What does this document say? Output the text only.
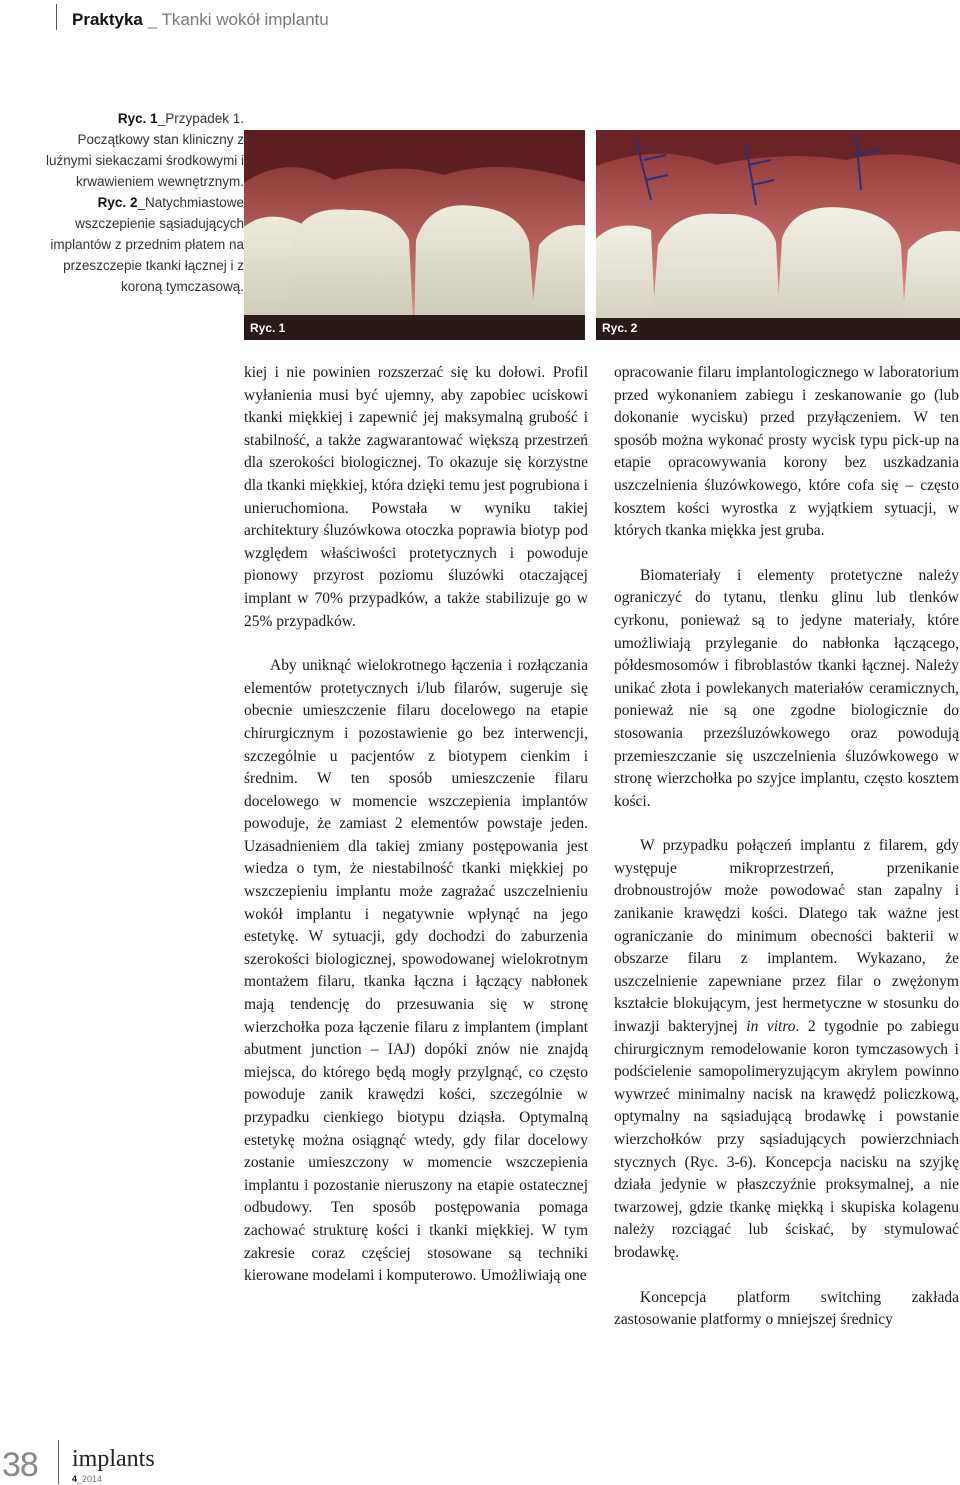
Praktyka _ Tkanki wokół implantu

Ryc. 1_Przypadek 1. Początkowy stan kliniczny z luźnymi siekaczami środkowymi i krwawieniem wewnętrznym.

Ryc. 2_Natychmiastowe wszczepienie sąsiadujących implantów z przednim płatem na przeszczepie tkanki łącznej i z koroną tymczasową.

Ryc. 1	Ryc. 2

kiej i nie powinien rozszerzać się ku dołowi. Profil wyłanienia musi być ujemny, aby zapobiec uciskowi tkanki miękkiej i zapewnić jej maksymalną grubość i stabilność, a także zagwarantować większą przestrzeń dla szerokości biologicznej. To okazuje się korzystne dla tkanki miękkiej, która dzięki temu jest pogrubiona i unieruchomiona. Powstała w wyniku takiej architektury śluzówkowa otoczka poprawia biotyp pod względem właściwości protetycznych i powoduje pionowy przyrost poziomu śluzówki otaczającej implant w 70% przypadków, a także stabilizuje go w 25% przypadków.

Aby uniknąć wielokrotnego łączenia i rozłączania elementów protetycznych i/lub filarów, sugeruje się obecnie umieszczenie filaru docelowego na etapie chirurgicznym i pozostawienie go bez interwencji, szczególnie u pacjentów z biotypem cienkim i średnim. W ten sposób umieszczenie filaru docelowego w momencie wszczepienia implantów powoduje, że zamiast 2 elementów powstaje jeden. Uzasadnieniem dla takiej zmiany postępowania jest wiedza o tym, że niestabilność tkanki miękkiej po wszczepieniu implantu może zagrażać uszczelnieniu wokół implantu i negatywnie wpłynąć na jego estetykę. W sytuacji, gdy dochodzi do zaburzenia szerokości biologicznej, spowodowanej wielokrotnym montażem filaru, tkanka łączna i łączący nabłonek mają tendencję do przesuwania się w stronę wierzchołka poza łączenie filaru z implantem (implant abutment junction – IAJ) dopóki znów nie znajdą miejsca, do którego będą mogły przylgnąć, co często powoduje zanik krawędzi kości, szczególnie w przypadku cienkiego biotypu dziąsła. Optymalną estetykę można osiągnąć wtedy, gdy filar docelowy zostanie umieszczony w momencie wszczepienia implantu i pozostanie nieruszony na etapie ostatecznej odbudowy. Ten sposób postępowania pomaga zachować strukturę kości i tkanki miękkiej. W tym zakresie coraz częściej stosowane są techniki kierowane modelami i komputerowo. Umożliwiają one

opracowanie filaru implantologicznego w laboratorium przed wykonaniem zabiegu i zeskanowanie go (lub dokonanie wycisku) przed przyłączeniem. W ten sposób można wykonać prosty wycisk typu pick-up na etapie opracowywania korony bez uszkadzania uszczelnienia śluzówkowego, które cofa się – często kosztem kości wyrostka z wyjątkiem sytuacji, w których tkanka miękka jest gruba.

Biomateriały i elementy protetyczne należy ograniczyć do tytanu, tlenku glinu lub tlenków cyrkonu, ponieważ są to jedyne materiały, które umożliwiają przyleganie do nabłonka łączącego, półdesmosomów i fibroblastów tkanki łącznej. Należy unikać złota i powlekanych materiałów ceramicznych, ponieważ nie są one zgodne biologicznie do stosowania przezśluzówkowego oraz powodują przemieszczanie się uszczelnienia śluzówkowego w stronę wierzchołka po szyjce implantu, często kosztem kości.

W przypadku połączeń implantu z filarem, gdy występuje mikroprzestrzeń, przenikanie drobnoustrojów może powodować stan zapalny i zanikanie krawędzi kości. Dlatego tak ważne jest ograniczanie do minimum obecności bakterii w obszarze filaru z implantem. Wykazano, że uszczelnienie zapewniane przez filar o zwężonym kształcie blokującym, jest hermetyczne w stosunku do inwazji bakteryjnej in vitro. 2 tygodnie po zabiegu chirurgicznym remodelowanie koron tymczasowych i podścielenie samopolimeryzującym akrylem powinno wywrzeć minimalny nacisk na krawędź policzkową, optymalny na sąsiadującą brodawkę i powstanie wierzchołków przy sąsiadujących powierzchniach stycznych (Ryc. 3-6). Koncepcja nacisku na szyjkę działa jedynie w płaszczyźnie proksymalnej, a nie twarzowej, gdzie tkankę miękką i skupiska kolagenu należy rozciągać lub ściskać, by stymulować brodawkę.

Koncepcja platform switching zakłada zastosowanie platformy o mniejszej średnicy

38 implants
4_2014
